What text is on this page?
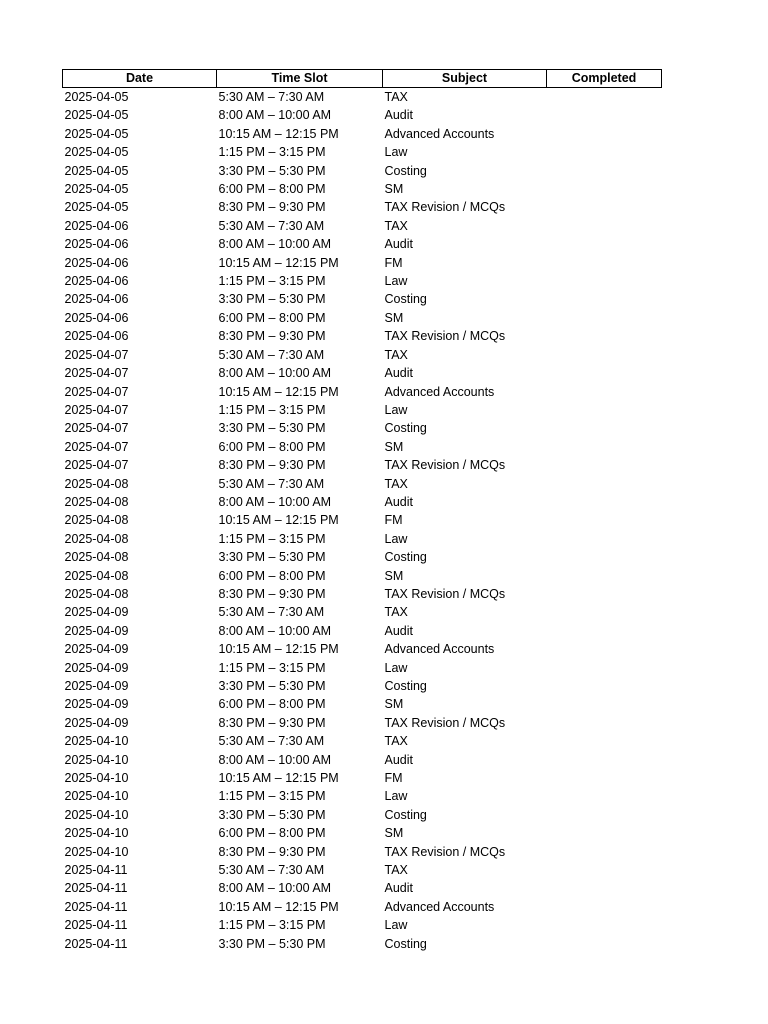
Date	Time Slot	Subject	Completed
2025-04-05	5:30 AM – 7:30 AM	TAX	
2025-04-05	8:00 AM – 10:00 AM	Audit	
2025-04-05	10:15 AM – 12:15 PM	Advanced Accounts	
2025-04-05	1:15 PM – 3:15 PM	Law	
2025-04-05	3:30 PM – 5:30 PM	Costing	
2025-04-05	6:00 PM – 8:00 PM	SM	
2025-04-05	8:30 PM – 9:30 PM	TAX Revision / MCQs	
2025-04-06	5:30 AM – 7:30 AM	TAX	
2025-04-06	8:00 AM – 10:00 AM	Audit	
2025-04-06	10:15 AM – 12:15 PM	FM	
2025-04-06	1:15 PM – 3:15 PM	Law	
2025-04-06	3:30 PM – 5:30 PM	Costing	
2025-04-06	6:00 PM – 8:00 PM	SM	
2025-04-06	8:30 PM – 9:30 PM	TAX Revision / MCQs	
2025-04-07	5:30 AM – 7:30 AM	TAX	
2025-04-07	8:00 AM – 10:00 AM	Audit	
2025-04-07	10:15 AM – 12:15 PM	Advanced Accounts	
2025-04-07	1:15 PM – 3:15 PM	Law	
2025-04-07	3:30 PM – 5:30 PM	Costing	
2025-04-07	6:00 PM – 8:00 PM	SM	
2025-04-07	8:30 PM – 9:30 PM	TAX Revision / MCQs	
2025-04-08	5:30 AM – 7:30 AM	TAX	
2025-04-08	8:00 AM – 10:00 AM	Audit	
2025-04-08	10:15 AM – 12:15 PM	FM	
2025-04-08	1:15 PM – 3:15 PM	Law	
2025-04-08	3:30 PM – 5:30 PM	Costing	
2025-04-08	6:00 PM – 8:00 PM	SM	
2025-04-08	8:30 PM – 9:30 PM	TAX Revision / MCQs	
2025-04-09	5:30 AM – 7:30 AM	TAX	
2025-04-09	8:00 AM – 10:00 AM	Audit	
2025-04-09	10:15 AM – 12:15 PM	Advanced Accounts	
2025-04-09	1:15 PM – 3:15 PM	Law	
2025-04-09	3:30 PM – 5:30 PM	Costing	
2025-04-09	6:00 PM – 8:00 PM	SM	
2025-04-09	8:30 PM – 9:30 PM	TAX Revision / MCQs	
2025-04-10	5:30 AM – 7:30 AM	TAX	
2025-04-10	8:00 AM – 10:00 AM	Audit	
2025-04-10	10:15 AM – 12:15 PM	FM	
2025-04-10	1:15 PM – 3:15 PM	Law	
2025-04-10	3:30 PM – 5:30 PM	Costing	
2025-04-10	6:00 PM – 8:00 PM	SM	
2025-04-10	8:30 PM – 9:30 PM	TAX Revision / MCQs	
2025-04-11	5:30 AM – 7:30 AM	TAX	
2025-04-11	8:00 AM – 10:00 AM	Audit	
2025-04-11	10:15 AM – 12:15 PM	Advanced Accounts	
2025-04-11	1:15 PM – 3:15 PM	Law	
2025-04-11	3:30 PM – 5:30 PM	Costing	
